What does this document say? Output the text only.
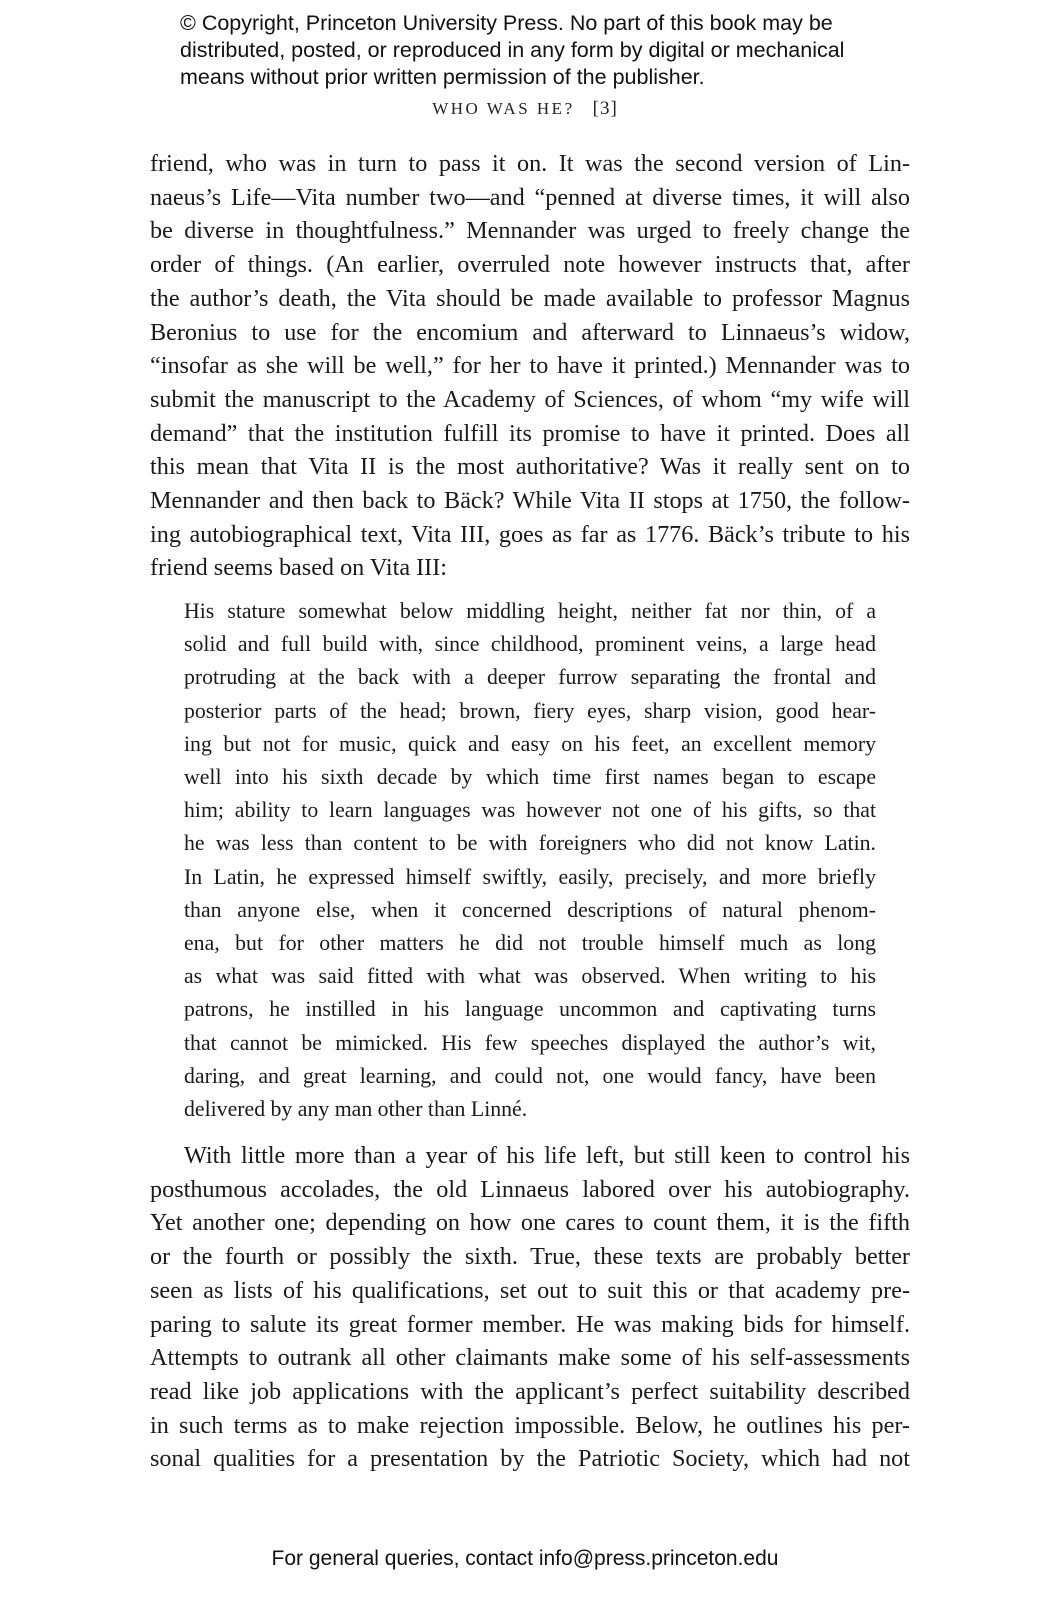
© Copyright, Princeton University Press. No part of this book may be
distributed, posted, or reproduced in any form by digital or mechanical
means without prior written permission of the publisher.
WHO WAS HE? [3]
friend, who was in turn to pass it on. It was the second version of Lin-
naeus’s Life—Vita number two—and “penned at diverse times, it will also
be diverse in thoughtfulness.” Mennander was urged to freely change the
order of things. (An earlier, overruled note however instructs that, after
the author’s death, the Vita should be made available to professor Magnus
Beronius to use for the encomium and afterward to Linnaeus’s widow,
“insofar as she will be well,” for her to have it printed.) Mennander was to
submit the manuscript to the Academy of Sciences, of whom “my wife will
demand” that the institution fulfill its promise to have it printed. Does all
this mean that Vita II is the most authoritative? Was it really sent on to
Mennander and then back to Bäck? While Vita II stops at 1750, the follow-
ing autobiographical text, Vita III, goes as far as 1776. Bäck’s tribute to his
friend seems based on Vita III:
His stature somewhat below middling height, neither fat nor thin, of a
solid and full build with, since childhood, prominent veins, a large head
protruding at the back with a deeper furrow separating the frontal and
posterior parts of the head; brown, fiery eyes, sharp vision, good hear-
ing but not for music, quick and easy on his feet, an excellent memory
well into his sixth decade by which time first names began to escape
him; ability to learn languages was however not one of his gifts, so that
he was less than content to be with foreigners who did not know Latin.
In Latin, he expressed himself swiftly, easily, precisely, and more briefly
than anyone else, when it concerned descriptions of natural phenom-
ena, but for other matters he did not trouble himself much as long
as what was said fitted with what was observed. When writing to his
patrons, he instilled in his language uncommon and captivating turns
that cannot be mimicked. His few speeches displayed the author’s wit,
daring, and great learning, and could not, one would fancy, have been
delivered by any man other than Linné.
With little more than a year of his life left, but still keen to control his
posthumous accolades, the old Linnaeus labored over his autobiography.
Yet another one; depending on how one cares to count them, it is the fifth
or the fourth or possibly the sixth. True, these texts are probably better
seen as lists of his qualifications, set out to suit this or that academy pre-
paring to salute its great former member. He was making bids for himself.
Attempts to outrank all other claimants make some of his self-assessments
read like job applications with the applicant’s perfect suitability described
in such terms as to make rejection impossible. Below, he outlines his per-
sonal qualities for a presentation by the Patriotic Society, which had not
For general queries, contact info@press.princeton.edu
